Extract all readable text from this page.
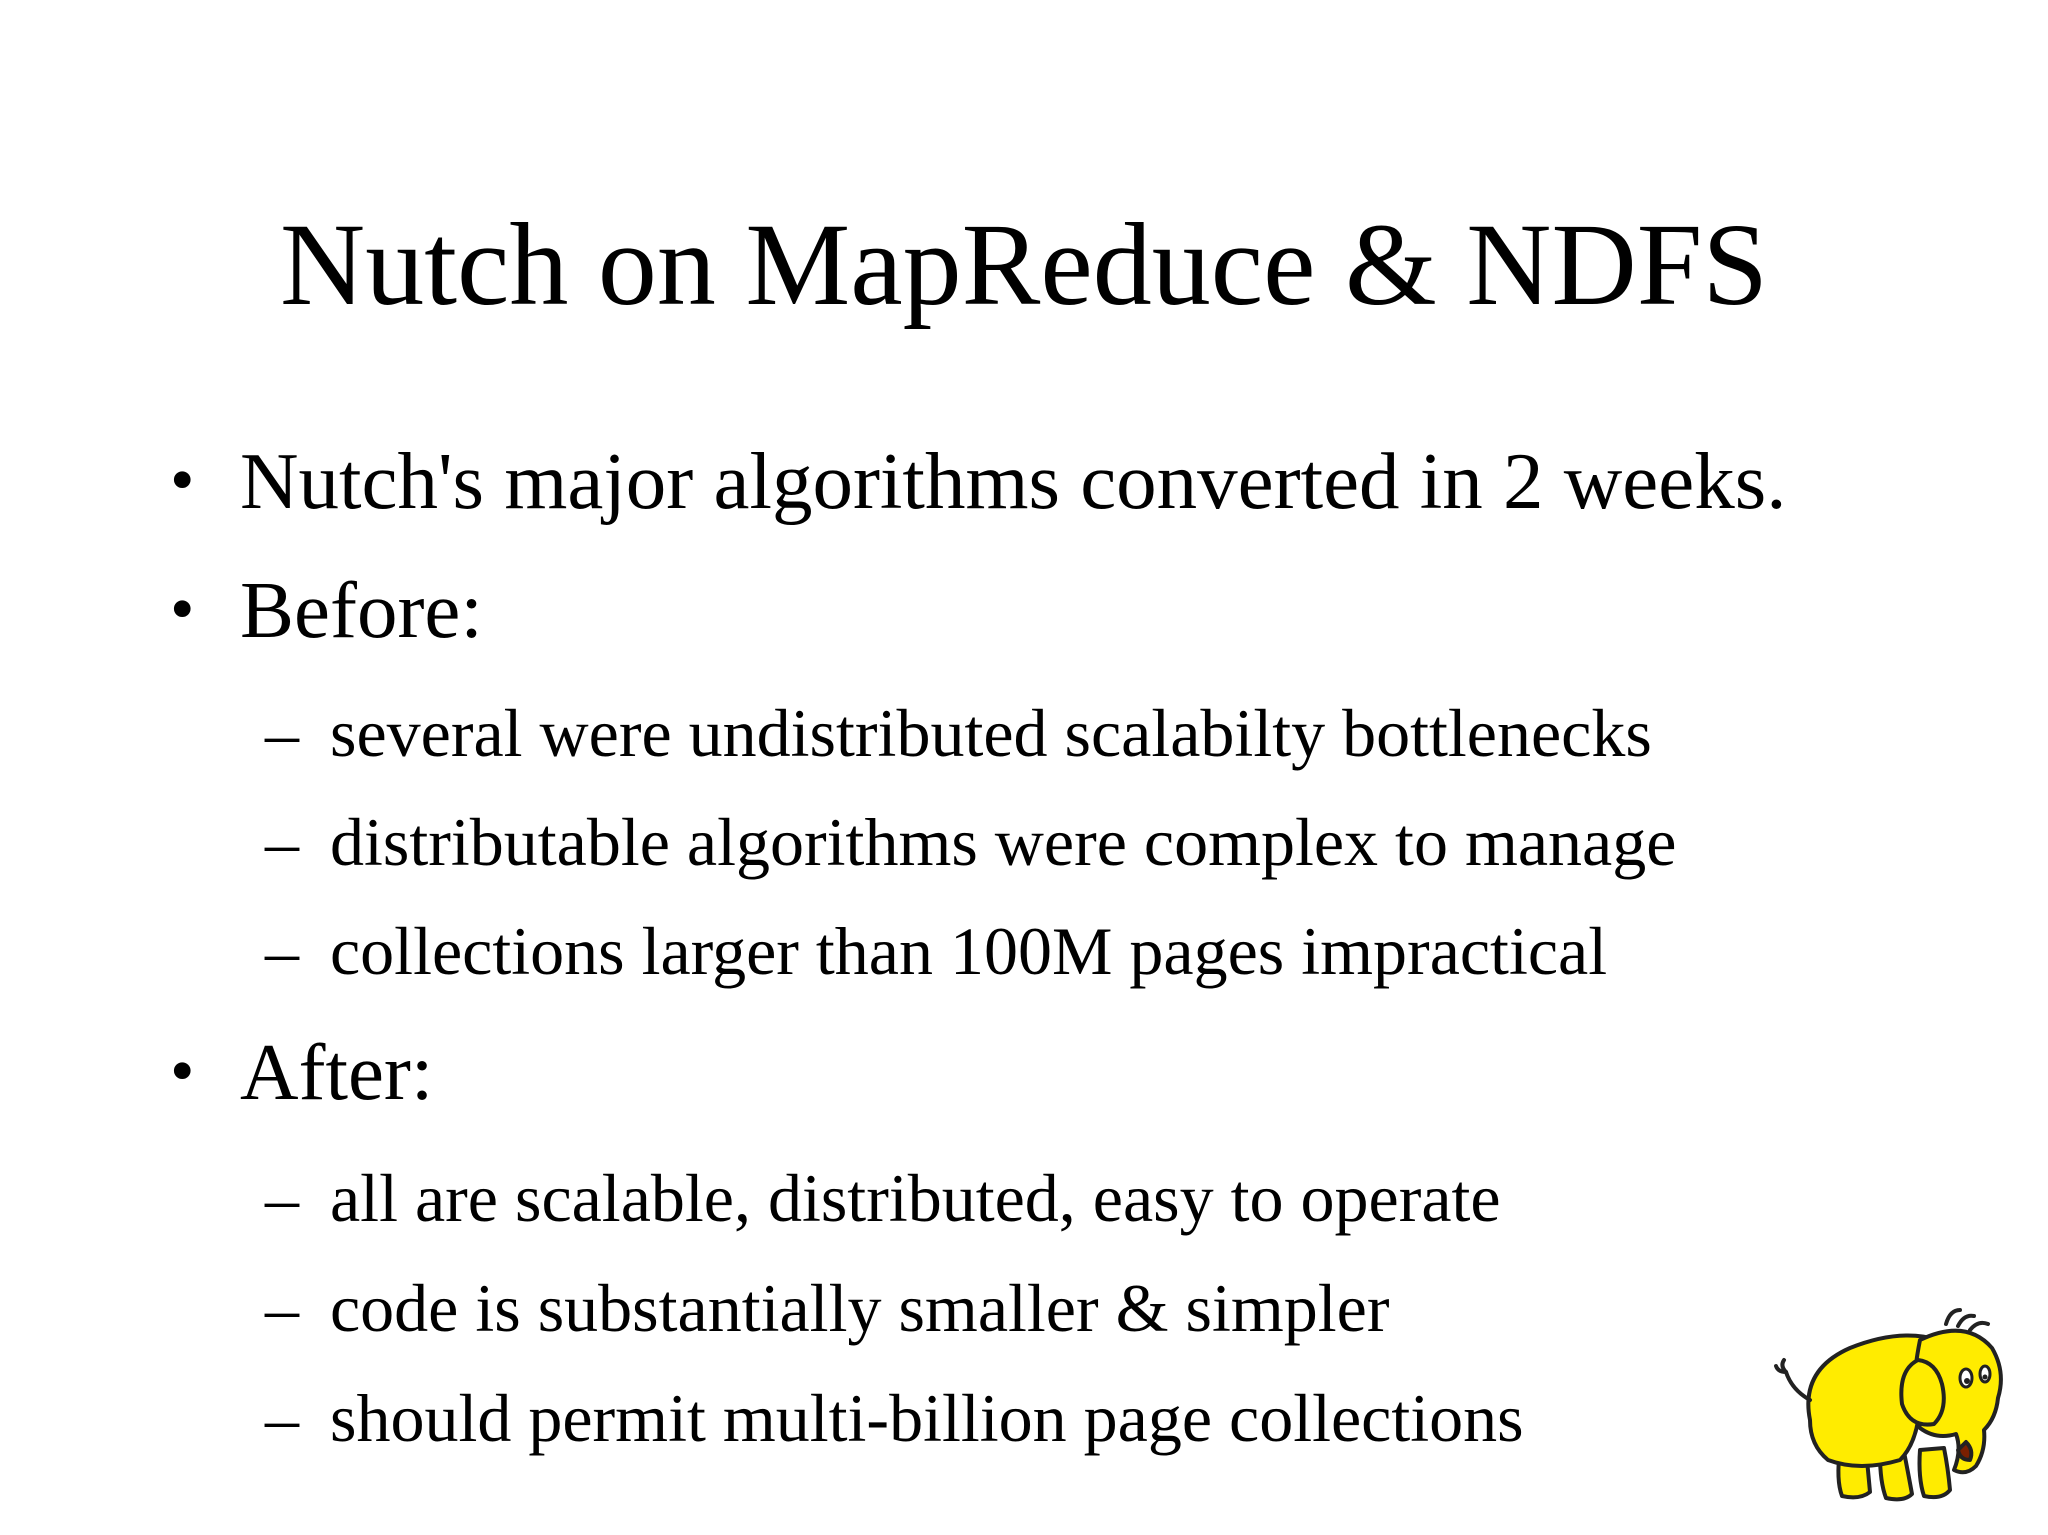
Nutch on MapReduce & NDFS
• Nutch's major algorithms converted in 2 weeks.
• Before:
– several were undistributed scalabilty bottlenecks
– distributable algorithms were complex to manage
– collections larger than 100M pages impractical
• After:
– all are scalable, distributed, easy to operate
– code is substantially smaller & simpler
– should permit multi-billion page collections
